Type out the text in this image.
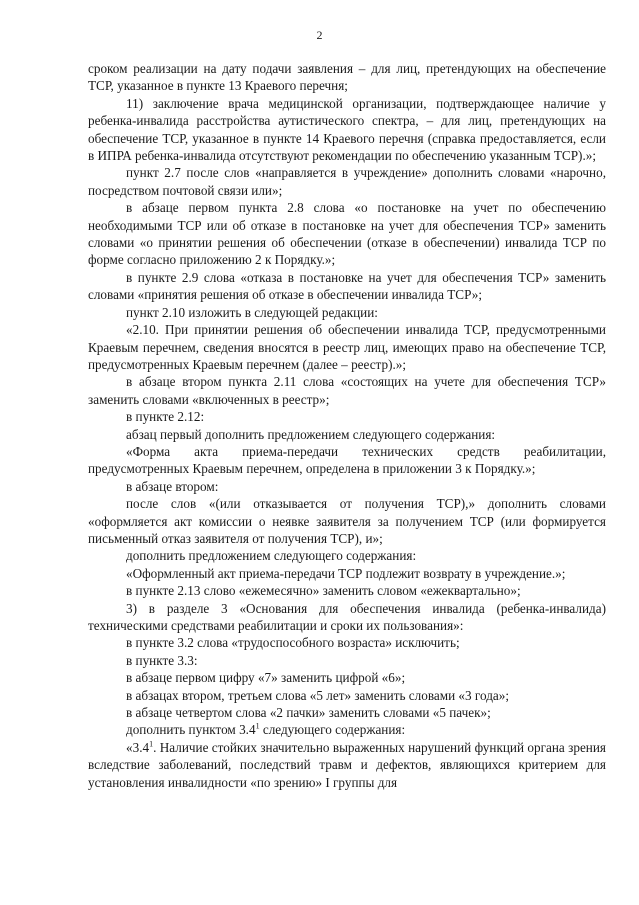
2

сроком реализации на дату подачи заявления – для лиц, претендующих на обеспечение ТСР, указанное в пункте 13 Краевого перечня;

11) заключение врача медицинской организации, подтверждающее наличие у ребенка-инвалида расстройства аутистического спектра, – для лиц, претендующих на обеспечение ТСР, указанное в пункте 14 Краевого перечня (справка предоставляется, если в ИПРА ребенка-инвалида отсутствуют рекомендации по обеспечению указанным ТСР).»;

пункт 2.7 после слов «направляется в учреждение» дополнить словами «нарочно, посредством почтовой связи или»;

в абзаце первом пункта 2.8 слова «о постановке на учет по обеспечению необходимыми ТСР или об отказе в постановке на учет для обеспечения ТСР» заменить словами «о принятии решения об обеспечении (отказе в обеспечении) инвалида ТСР по форме согласно приложению 2 к Порядку.»;

в пункте 2.9 слова «отказа в постановке на учет для обеспечения ТСР» заменить словами «принятия решения об отказе в обеспечении инвалида ТСР»;

пункт 2.10 изложить в следующей редакции:

«2.10. При принятии решения об обеспечении инвалида ТСР, предусмотренными Краевым перечнем, сведения вносятся в реестр лиц, имеющих право на обеспечение ТСР, предусмотренных Краевым перечнем (далее – реестр).»;

в абзаце втором пункта 2.11 слова «состоящих на учете для обеспечения ТСР» заменить словами «включенных в реестр»;

в пункте 2.12:

абзац первый дополнить предложением следующего содержания:

«Форма акта приема-передачи технических средств реабилитации, предусмотренных Краевым перечнем, определена в приложении 3 к Порядку.»;

в абзаце втором:

после слов «(или отказывается от получения ТСР),» дополнить словами «оформляется акт комиссии о неявке заявителя за получением ТСР (или формируется письменный отказ заявителя от получения ТСР), и»;

дополнить предложением следующего содержания:

«Оформленный акт приема-передачи ТСР подлежит возврату в учреждение.»;

в пункте 2.13 слово «ежемесячно» заменить словом «ежеквартально»;

3) в разделе 3 «Основания для обеспечения инвалида (ребенка-инвалида) техническими средствами реабилитации и сроки их пользования»:

в пункте 3.2 слова «трудоспособного возраста» исключить;

в пункте 3.3:

в абзаце первом цифру «7» заменить цифрой «6»;

в абзацах втором, третьем слова «5 лет» заменить словами «3 года»;

в абзаце четвертом слова «2 пачки» заменить словами «5 пачек»;

дополнить пунктом $3.4^1$ следующего содержания:

«$3.4^1$. Наличие стойких значительно выраженных нарушений функций органа зрения вследствие заболеваний, последствий травм и дефектов, являющихся критерием для установления инвалидности «по зрению» I группы для
